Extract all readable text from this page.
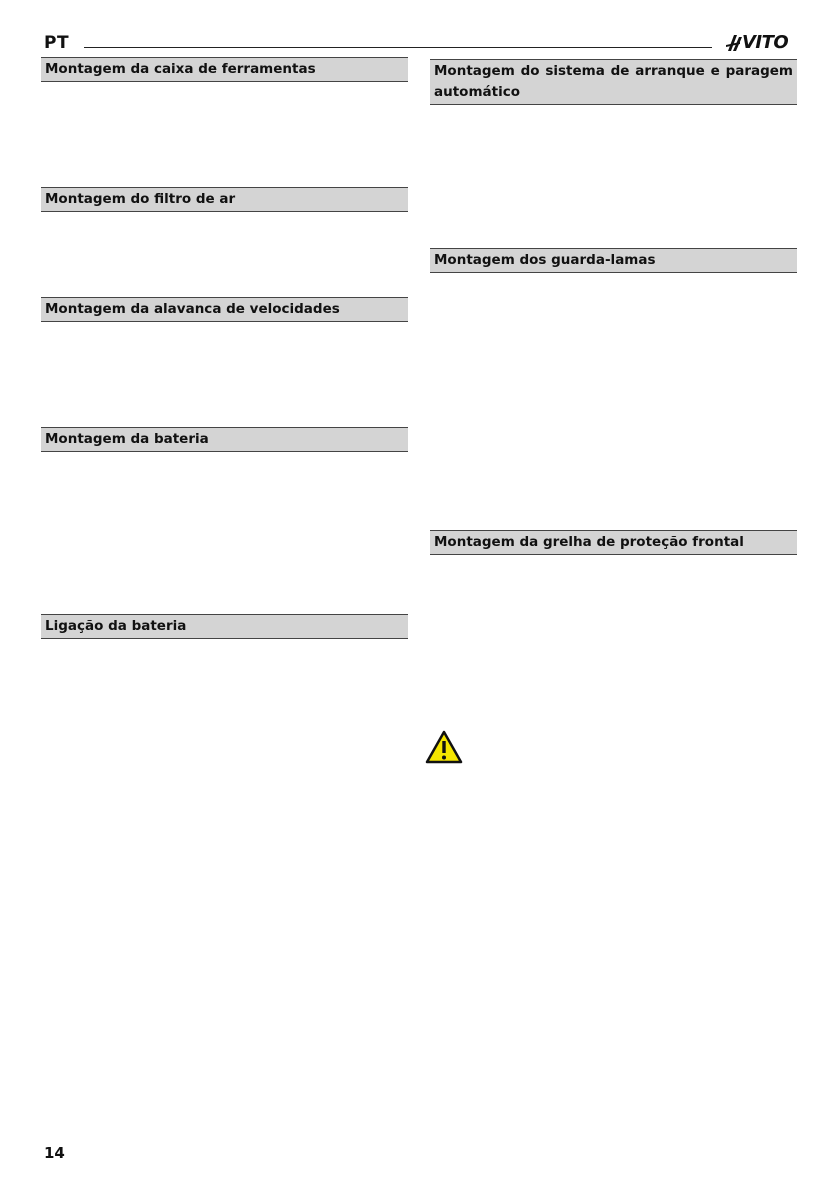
PT	VITO
Montagem da caixa de ferramentas
Montagem do filtro de ar
Montagem da alavanca de velocidades
Montagem da bateria
Ligação da bateria
Montagem do sistema de arranque e paragem automático
Montagem dos guarda-lamas
Montagem da grelha de proteção frontal
14
